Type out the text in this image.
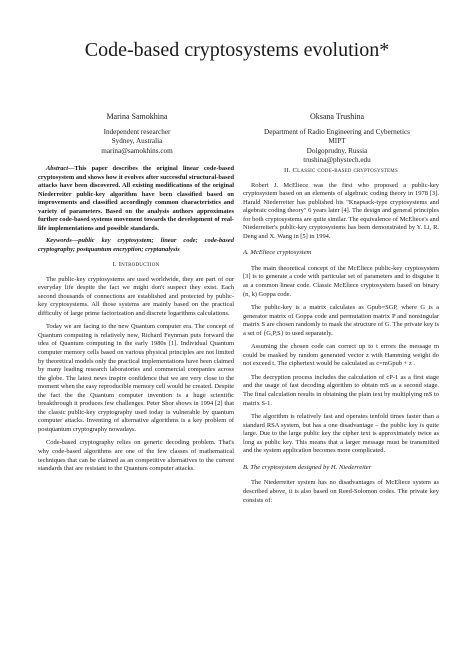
Code-based cryptosystems evolution*
Marina Samokhina
Independent researcher
Sydney, Australia
marina@samokhins.com
Oksana Trushina
Department of Radio Engineering and Cybernetics
MIPT
Dolgoprudny, Russia
trushina@phystech.edu

Abstract—This paper describes the original linear code-based cryptosystem and shows how it evolves after successful structural-based attacks have been discovered. All existing modifications of the original Niederreiter public-key algorithm have been classified based on improvements and classified accordingly common characteristics and variety of parameters. Based on the analysis authors approximates further code-based systems movement towards the development of real-life implementations and possible standards.

Keywords—public key cryptosystem; linear code; code-based cryptography; postquantum encryption; cryptanalysis

I. Introduction

The public-key cryptosystems are used worldwide, they are part of our everyday life despite the fact we might don't suspect they exist. Each second thousands of connections are established and protected by public-key cryptosystems. All those systems are mainly based on the practical difficulty of large prime factorization and discrete logarithms calculations.

Today we are facing to the new Quantum computer era. The concept of Quantum computing is relatively new, Richard Feynman puts forward the idea of Quantum computing in the early 1980s [1]. Individual Quantum computer memory cells based on various physical principles are not limited by theoretical models only the practical implementations have been claimed by many leading research laboratories and commercial companies across the globe. The latest news inspire confidence that we are very close to the moment when the easy reproducible memory cell would be created. Despite the fact the the Quantum computer invention is a huge scientific breakthrough it produces few challenges. Peter Shor shows in 1994 [2] that the classic public-key cryptography used today is vulnerable by quantum computer attacks. Inventing of alternative algorithms is a key problem of postquantum cryptography nowadays.

Code-based cryptography relies on generic decoding problem. That's why code-based algorithms are one of the few classes of mathematical techniques that can be claimed as an competitive alternatives to the current standards that are resistant to the Quantum computer attacks.

II. Classic code-based cryptosystems

Robert J. McEliece was the first who proposed a public-key cryptosystem based on an elements of algebraic coding theory in 1978 [3]. Harald Niederreiter has published his "Knapsack-type cryptosystems and algebraic coding theory" 6 years later [4]. The design and general principles for both cryptosystems are quite similar. The equivalence of McEliece's and Niederreiter's public-key cryptosystems has been demonstrated by Y. Li, R. Deng and X. Wang in [5] in 1994.

A. McEliece cryptosystem

The main theoretical concept of the McEliece public-key cryptosystem [3] is to generate a code with particular set of parameters and to disguise it as a common linear code. Classic McEliece cryptosystem based on binary (n, k) Goppa code.

The public-key is a matrix calculates as Gpub=SGP, where G is a generator matrix of Goppa code and permutation matrix P and nonsingular matrix S are chosen randomly to mask the structure of G. The private key is a set of {G,P,S} to used separately.

Assuming the chosen code can correct up to t errors the message m could be masked by random generated vector z with Hamming weight do not exceed t. The ciphertext would be calculated as c=mGpub + z .

The decryption process includes the calculation of cP-1 as a first stage and the usage of fast decoding algorithm to obtain mS as a second stage. The final calculation results in obtaining the plain text by multiplying mS to matrix S-1.

The algorithm is relatively fast and operates tenfold times faster than a standard RSA system, but has a one disadvantage – the public key is quite large. Due to the large public key the cipher text is approximately twice as long as public key. This means that a larger message must be transmitted and the system application becomes more complicated.

B. The cryptosystem designed by H. Niederreiter

The Niederreiter system has no disadvantages of McEliece system as described above, it is also based on Reed-Solomon codes. The private key consists of:
